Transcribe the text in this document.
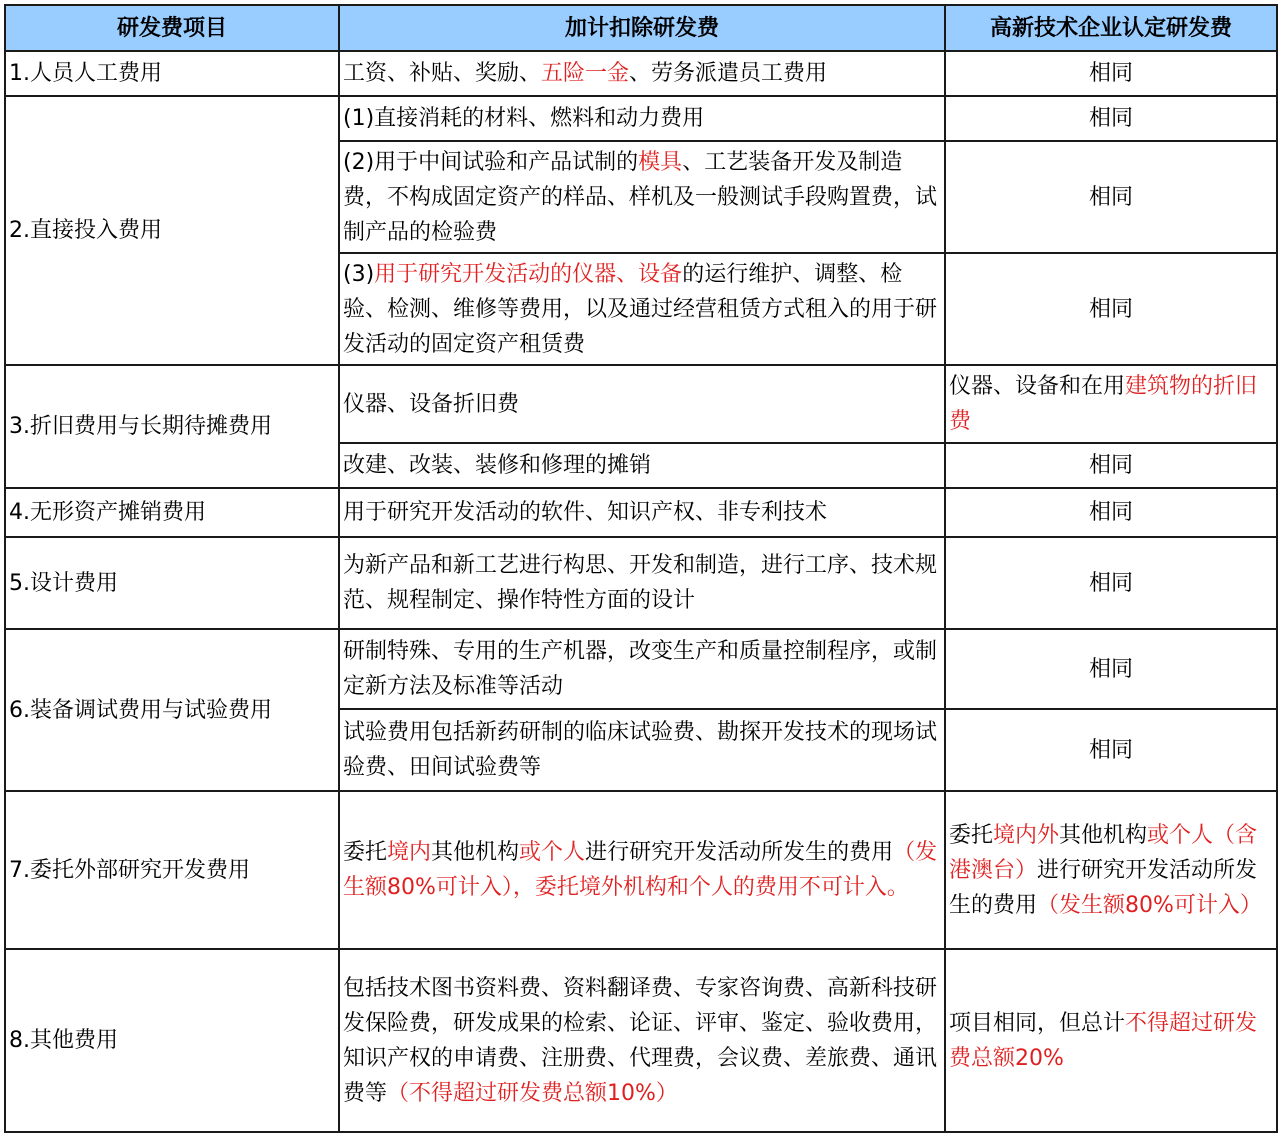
研发费项目	加计扣除研发费	高新技术企业认定研发费
1.人员人工费用	工资、补贴、奖励、五险一金、劳务派遣员工费用	相同
2.直接投入费用	(1)直接消耗的材料、燃料和动力费用	相同
	(2)用于中间试验和产品试制的模具、工艺装备开发及制造费，不构成固定资产的样品、样机及一般测试手段购置费，试制产品的检验费	相同
	(3)用于研究开发活动的仪器、设备的运行维护、调整、检验、检测、维修等费用，以及通过经营租赁方式租入的用于研发活动的固定资产租赁费	相同
3.折旧费用与长期待摊费用	仪器、设备折旧费	仪器、设备和在用建筑物的折旧费
	改建、改装、装修和修理的摊销	相同
4.无形资产摊销费用	用于研究开发活动的软件、知识产权、非专利技术	相同
5.设计费用	为新产品和新工艺进行构思、开发和制造，进行工序、技术规范、规程制定、操作特性方面的设计	相同
6.装备调试费用与试验费用	研制特殊、专用的生产机器，改变生产和质量控制程序，或制定新方法及标准等活动	相同
	试验费用包括新药研制的临床试验费、勘探开发技术的现场试验费、田间试验费等	相同
7.委托外部研究开发费用	委托境内其他机构或个人进行研究开发活动所发生的费用（发生额80%可计入），委托境外机构和个人的费用不可计入。	委托境内外其他机构或个人（含港澳台）进行研究开发活动所发生的费用（发生额80%可计入）
8.其他费用	包括技术图书资料费、资料翻译费、专家咨询费、高新科技研发保险费，研发成果的检索、论证、评审、鉴定、验收费用，知识产权的申请费、注册费、代理费，会议费、差旅费、通讯费等（不得超过研发费总额10%）	项目相同，但总计不得超过研发费总额20%
